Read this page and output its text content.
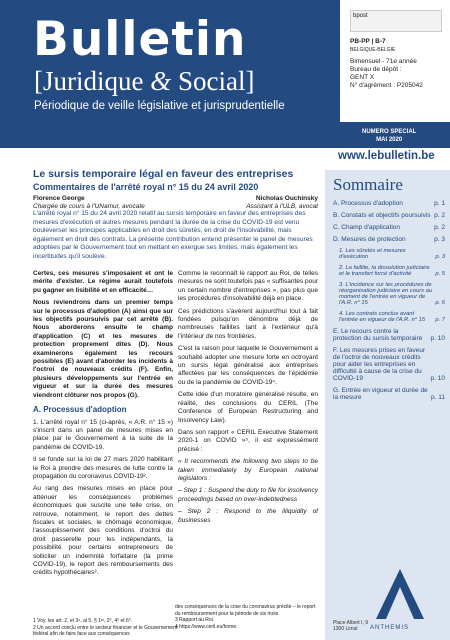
Bulletin
[Juridique & Social]
Périodique de veille législative et jurisprudentielle
bpost
PB-PP | B-7
BELGIQUE-BELGIE
Bimensuel - 71e année
Bureau de dépôt :
GENT X
N° d'agrément : P205042
NUMERO SPECIAL
MAI 2020
www.lebulletin.be
Le sursis temporaire légal en faveur des entreprises
Commentaires de l'arrêté royal n° 15 du 24 avril 2020
Florence George
Chargée de cours à l'UNamur, avocate
Nicholas Ouchinsky
Assistant à l'ULB, avocat
L'arrêté royal n° 15 du 24 avril 2020 relatif au sursis temporaire en faveur des entreprises des mesures d'exécution et autres mesures pendant la durée de la crise du COVID-19 est venu bouleverser les principes applicables en droit des sûretés, en droit de l'insolvabilité, mais également en droit des contrats. La présente contribution entend présenter le panel de mesures adoptées par le Gouvernement tout en mettant en exergue ses limites, mais également les incertitudes qu'il soulève.

Certes, ces mesures s'imposaient et ont le mérite d'exister. Le régime aurait toutefois pu gagner en lisibilité et en efficacité…

Nous reviendrons dans un premier temps sur le processus d'adoption (A) ainsi que sur les objectifs poursuivis par cet arrêté (B). Nous aborderons ensuite le champ d'application (C) et les mesures de protection proprement dites (D). Nous examinerons également les recours possibles (E) avant d'aborder les incidents à l'octroi de nouveaux crédits (F). Enfin, plusieurs développements sur l'entrée en vigueur et sur la durée des mesures viendront clôturer nos propos (G).

A. Processus d'adoption

1. L'arrêté royal n° 15 (ci-après, « A.R. n° 15 ») s'inscrit dans un panel de mesures mises en place par le Gouvernement à la suite de la pandémie de COVID-19.

Il se fonde sur la loi de 27 mars 2020 habilitant le Roi à prendre des mesures de lutte contre la propagation du coronavirus COVID-19².

Au rang des mesures mises en place pour atténuer les conséquences problèmes économiques que suscite une telle crise, on retrouve, notamment, le report des dettes fiscales et sociales, le chômage économique, l'assouplissement des conditions d'octroi du droit passerelle pour les indépendants, la possibilité pour certains entrepreneurs de solliciter un indemnité forfaitaire (la prime COVID-19), le report des remboursements des crédits hypothécaires³.

Comme le reconnaît le rapport au Roi, de telles mesures ne sont toutefois pas « suffisantes pour un certain nombre d'entreprises », pas plus que les procédures d'insolvabilité déjà en place.

Ces prédictions s'avèrent aujourd'hui tout à fait fondées puisqu'on dénombre déjà de nombreuses faillites tant à l'extérieur qu'à l'intérieur de nos frontières.

C'est la raison pour laquelle le Gouvernement a souhaité adopter une mesure forte en octroyant un sursis légal généralisé aux entreprises affectées par les conséquences de l'épidémie ou de la pandémie de COVID-19⁴.

Cette idée d'un moratoire généralisé résulte, en réalité, des conclusions du CERIL (The Conference of European Restructuring and Insolvency Law).

Dans son rapport « CERIL Executive Statement 2020-1 on COVID »⁵, il est expressément précisé :

« It recommends the following two steps to be taken immediately by European national legislators :

– Step 1 : Suspend the duty to file for insolvency proceedings based on over-indebtedness

– Step 2 : Respond to the illiquidity of businesses

1 Voy. les art. 2, et 3⁹, al 5, § 1ᵉʳ, 2⁰, 4⁰ et 6⁰.
2 Un accord conclu entre le secteur financier et le Gouvernement fédéral afin de faire face aux conséquences
des conséquences de la crise du coronavirus précité – le report du remboursement pour la période de six mois.
3 Rapport au Roi.
4 https://www.ceril.eu/home.
Sommaire
A. Processus d'adoption	p. 1
B. Constats et objectifs poursuivis p. 2
C. Champ d'application	p. 2
D. Mesures de protection	p. 3
1. Les sûretés et mesures d'exécution	p. 3
2. La faillite, la dissolution judiciaire et le transfert forcé d'activité	p. 5
3. L'incidence sur les procédures de réorganisation judiciaire en cours au moment de l'entrée en vigueur de l'A.R. n° 15	p. 6
4. Les contrats conclus avant l'entrée en vigueur de l'A.R. n° 15	p. 7
E. Le recours contre la protection du sursis temporaire	p. 10
F. Les mesures prises en faveur de l'octroi de nouveaux crédits pour aider les entreprises en difficulté à cause de la crise du COVID-19	p. 10
G. Entrée en vigueur et durée de la mesure	p. 11
ANTHEMIS
Place Albert I, 9
1300 Limal
